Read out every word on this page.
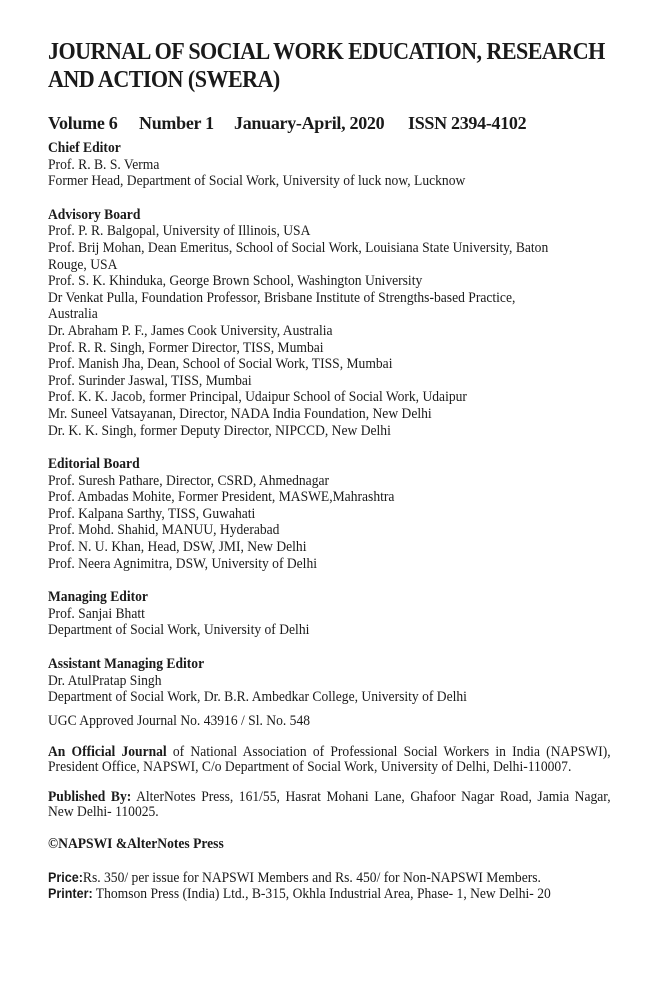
JOURNAL OF SOCIAL WORK EDUCATION, RESEARCH
AND ACTION (SWERA)
Volume 6	Number 1	January-April, 2020	ISSN 2394-4102
Chief Editor
Prof. R. B. S. Verma
Former Head, Department of Social Work, University of luck now, Lucknow
Advisory Board
Prof. P. R. Balgopal, University of Illinois, USA
Prof. Brij Mohan, Dean Emeritus, School of Social Work, Louisiana State University, Baton
Rouge, USA
Prof. S. K. Khinduka, George Brown School, Washington University
Dr Venkat Pulla, Foundation Professor, Brisbane Institute of Strengths-based Practice,
Australia
Dr. Abraham P. F., James Cook University, Australia
Prof. R. R. Singh, Former Director, TISS, Mumbai
Prof. Manish Jha, Dean, School of Social Work, TISS, Mumbai
Prof. Surinder Jaswal, TISS, Mumbai
Prof. K. K. Jacob, former Principal, Udaipur School of Social Work, Udaipur
Mr. Suneel Vatsayanan, Director, NADA India Foundation, New Delhi
Dr. K. K. Singh, former Deputy Director, NIPCCD, New Delhi
Editorial Board
Prof. Suresh Pathare, Director, CSRD, Ahmednagar
Prof. Ambadas Mohite, Former President, MASWE,Mahrashtra
Prof. Kalpana Sarthy, TISS, Guwahati
Prof. Mohd. Shahid, MANUU, Hyderabad
Prof. N. U. Khan, Head, DSW, JMI, New Delhi
Prof. Neera Agnimitra, DSW, University of Delhi
Managing Editor
Prof. Sanjai Bhatt
Department of Social Work, University of Delhi
Assistant Managing Editor
Dr. AtulPratap Singh
Department of Social Work, Dr. B.R. Ambedkar College, University of Delhi
UGC Approved Journal No. 43916 / Sl. No. 548

An Official Journal of National Association of Professional Social Workers in India (NAPSWI), President Office, NAPSWI, C/o Department of Social Work, University of Delhi, Delhi-110007.

Published By: AlterNotes Press, 161/55, Hasrat Mohani Lane, Ghafoor Nagar Road, Jamia Nagar, New Delhi- 110025.

©NAPSWI &AlterNotes Press
Price:Rs. 350/ per issue for NAPSWI Members and Rs. 450/ for Non-NAPSWI Members.
Printer: Thomson Press (India) Ltd., B-315, Okhla Industrial Area, Phase- 1, New Delhi- 20
